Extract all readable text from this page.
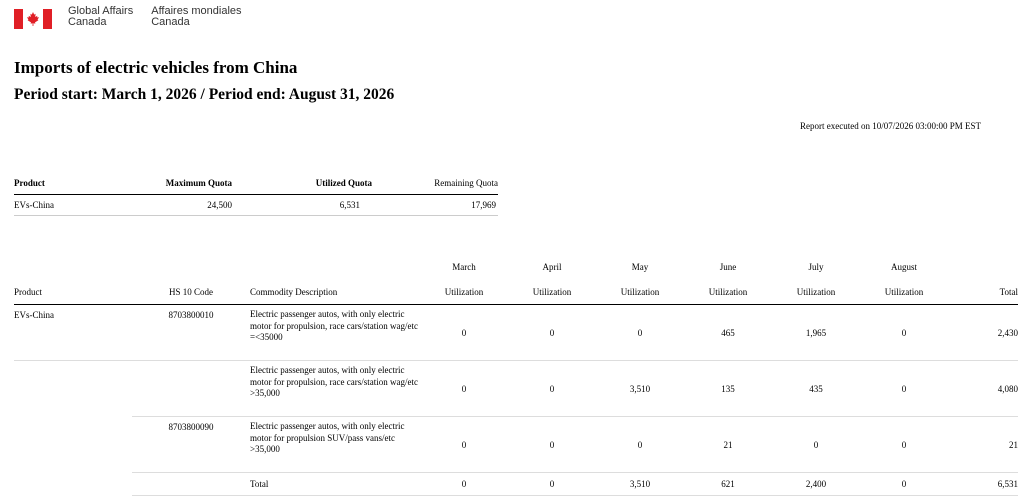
Global Affairs
Canada
Affaires mondiales
Canada
Imports of electric vehicles from China
Period start: March 1, 2026 / Period end: August 31, 2026
Report executed on 10/07/2026 03:00:00 PM EST
Product	Maximum Quota	Utilized Quota	Remaining Quota
EVs-China	24,500	6,531	17,969
			March	April	May	June	July	August	
Product	HS 10 Code	Commodity Description	Utilization	Utilization	Utilization	Utilization	Utilization	Utilization	Total
EVs-China	8703800010	Electric passenger autos, with only electric motor for propulsion, race cars/station wag/etc =<35000	0	0	0	465	1,965	0	2,430
		Electric passenger autos, with only electric motor for propulsion, race cars/station wag/etc >35,000	0	0	3,510	135	435	0	4,080
	8703800090	Electric passenger autos, with only electric motor for propulsion SUV/pass vans/etc >35,000	0	0	0	21	0	0	21
		Total	0	0	3,510	621	2,400	0	6,531
